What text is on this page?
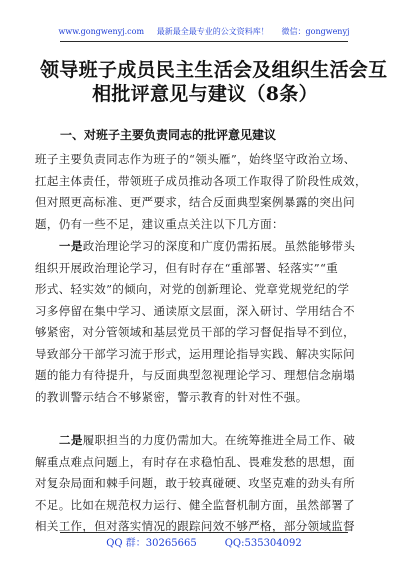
www.gongwenyj.com 最新最全最专业的公文资料库！ 微信：gongwenyj
领导班子成员民主生活会及组织生活会互
相批评意见与建议（8条）
一、对班子主要负责同志的批评意见建议
班子主要负责同志作为班子的“领头雁”，始终坚守政治立场、
扛起主体责任，带领班子成员推动各项工作取得了阶段性成效，
但对照更高标准、更严要求，结合反面典型案例暴露的突出问
题，仍有一些不足，建议重点关注以下几方面：
一是政治理论学习的深度和广度仍需拓展。虽然能够带头
组织开展政治理论学习，但有时存在“重部署、轻落实”“重
形式、轻实效”的倾向，对党的创新理论、党章党规党纪的学
习多停留在集中学习、通读原文层面，深入研讨、学用结合不
够紧密，对分管领域和基层党员干部的学习督促指导不到位，
导致部分干部学习流于形式，运用理论指导实践、解决实际问
题的能力有待提升，与反面典型忽视理论学习、理想信念崩塌
的教训警示结合不够紧密，警示教育的针对性不强。
二是履职担当的力度仍需加大。在统筹推进全局工作、破
解重点难点问题上，有时存在求稳怕乱、畏难发愁的思想，面
对复杂局面和棘手问题，敢于较真碰硬、攻坚克难的劲头有所
不足。比如在规范权力运行、健全监督机制方面，虽然部署了
相关工作，但对落实情况的跟踪问效不够严格，部分领域监督
QQ 群：30265665	QQ:535304092
